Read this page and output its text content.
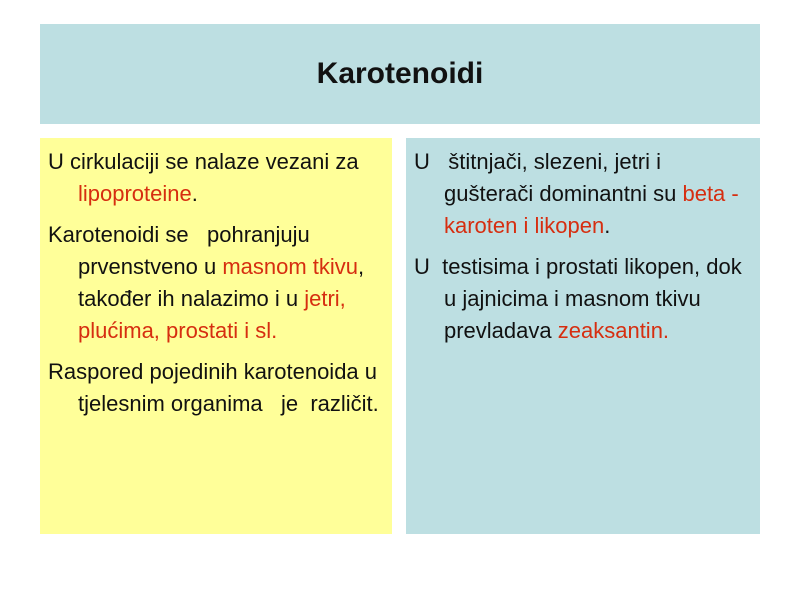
Karotenoidi

U cirkulaciji se nalaze vezani za lipoproteine.

Karotenoidi se   pohranjuju prvenstveno u masnom tkivu,  također ih nalazimo i u jetri, plućima, prostati i sl.

Raspored pojedinih karotenoida u tjelesnim organima   je  različit.

U   štitnjači, slezeni, jetri i gušterači dominantni su beta - karoten i likopen.

U  testisima i prostati likopen, dok u jajnicima i masnom tkivu prevladava zeaksantin.
